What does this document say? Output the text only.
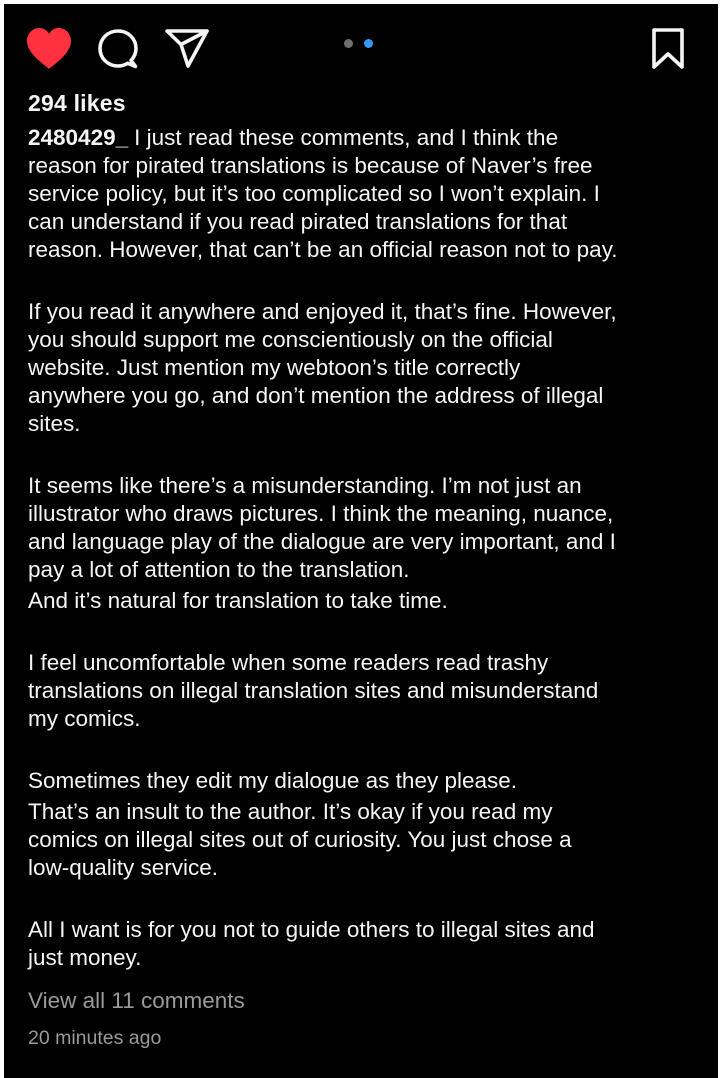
294 likes

2480429_ I just read these comments, and I think the
reason for pirated translations is because of Naver’s free
service policy, but it’s too complicated so I won’t explain. I
can understand if you read pirated translations for that
reason. However, that can’t be an official reason not to pay.

If you read it anywhere and enjoyed it, that’s fine. However,
you should support me conscientiously on the official
website. Just mention my webtoon’s title correctly
anywhere you go, and don’t mention the address of illegal
sites.

It seems like there’s a misunderstanding. I’m not just an
illustrator who draws pictures. I think the meaning, nuance,
and language play of the dialogue are very important, and I
pay a lot of attention to the translation.

And it’s natural for translation to take time.

I feel uncomfortable when some readers read trashy
translations on illegal translation sites and misunderstand
my comics.

Sometimes they edit my dialogue as they please.

That’s an insult to the author. It’s okay if you read my
comics on illegal sites out of curiosity. You just chose a
low-quality service.

All I want is for you not to guide others to illegal sites and
just money.

View all 11 comments
20 minutes ago
